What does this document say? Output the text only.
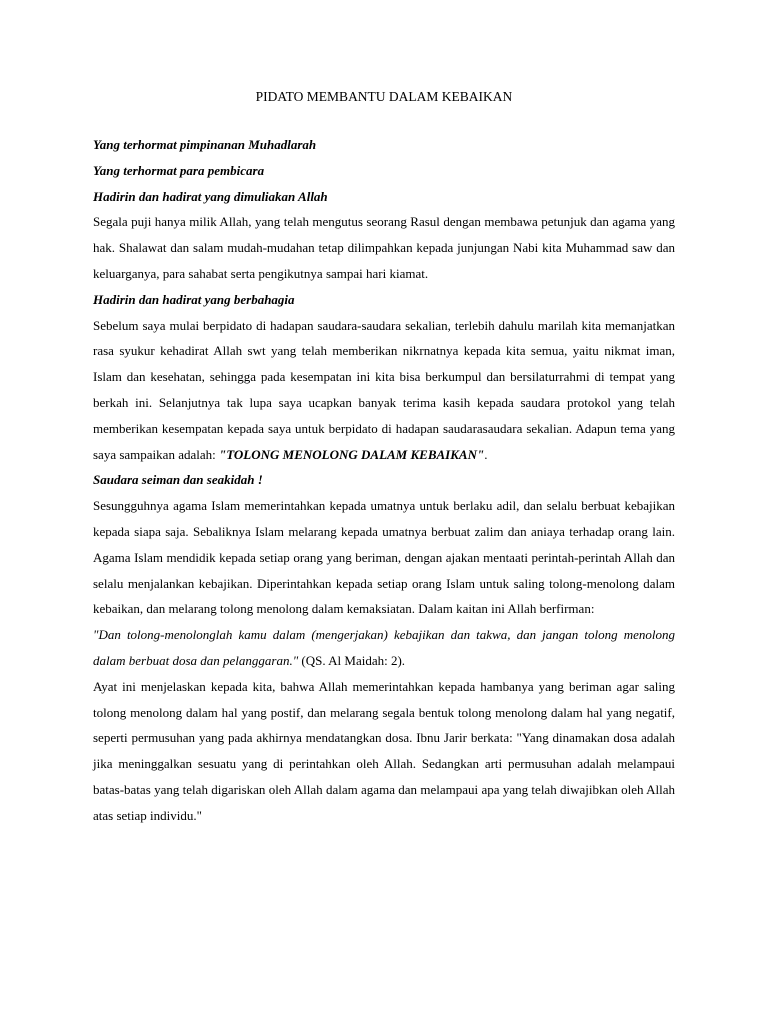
PIDATO MEMBANTU DALAM KEBAIKAN

Yang terhormat pimpinanan Muhadlarah

Yang terhormat para pembicara

Hadirin dan hadirat yang dimuliakan Allah

Segala puji hanya milik Allah, yang telah mengutus seorang Rasul dengan membawa petunjuk dan agama yang hak. Shalawat dan salam mudah-mudahan tetap dilimpahkan kepada junjungan Nabi kita Muhammad saw dan keluarganya, para sahabat serta pengikutnya sampai hari kiamat.

Hadirin dan hadirat yang berbahagia

Sebelum saya mulai berpidato di hadapan saudara-saudara sekalian, terlebih dahulu marilah kita memanjatkan rasa syukur kehadirat Allah swt yang telah memberikan nikrnatnya kepada kita semua, yaitu nikmat iman, Islam dan kesehatan, sehingga pada kesempatan ini kita bisa berkumpul dan bersilaturrahmi di tempat yang berkah ini. Selanjutnya tak lupa saya ucapkan banyak terima kasih kepada saudara protokol yang telah memberikan kesempatan kepada saya untuk berpidato di hadapan saudarasaudara sekalian. Adapun tema yang saya sampaikan adalah: "TOLONG MENOLONG DALAM KEBAIKAN".

Saudara seiman dan seakidah !

Sesungguhnya agama Islam memerintahkan kepada umatnya untuk berlaku adil, dan selalu berbuat kebajikan kepada siapa saja. Sebaliknya Islam melarang kepada umatnya berbuat zalim dan aniaya terhadap orang lain. Agama Islam mendidik kepada setiap orang yang beriman, dengan ajakan mentaati perintah-perintah Allah dan selalu menjalankan kebajikan. Diperintahkan kepada setiap orang Islam untuk saling tolong-menolong dalam kebaikan, dan melarang tolong menolong dalam kemaksiatan. Dalam kaitan ini Allah berfirman:

"Dan tolong-menolonglah kamu dalam (mengerjakan) kebajikan dan takwa, dan jangan tolong menolong dalam berbuat dosa dan pelanggaran." (QS. Al Maidah: 2).

Ayat ini menjelaskan kepada kita, bahwa Allah memerintahkan kepada hambanya yang beriman agar saling tolong menolong dalam hal yang postif, dan melarang segala bentuk tolong menolong dalam hal yang negatif, seperti permusuhan yang pada akhirnya mendatangkan dosa. Ibnu Jarir berkata: "Yang dinamakan dosa adalah jika meninggalkan sesuatu yang di perintahkan oleh Allah. Sedangkan arti permusuhan adalah melampaui batas-batas yang telah digariskan oleh Allah dalam agama dan melampaui apa yang telah diwajibkan oleh Allah atas setiap individu."
